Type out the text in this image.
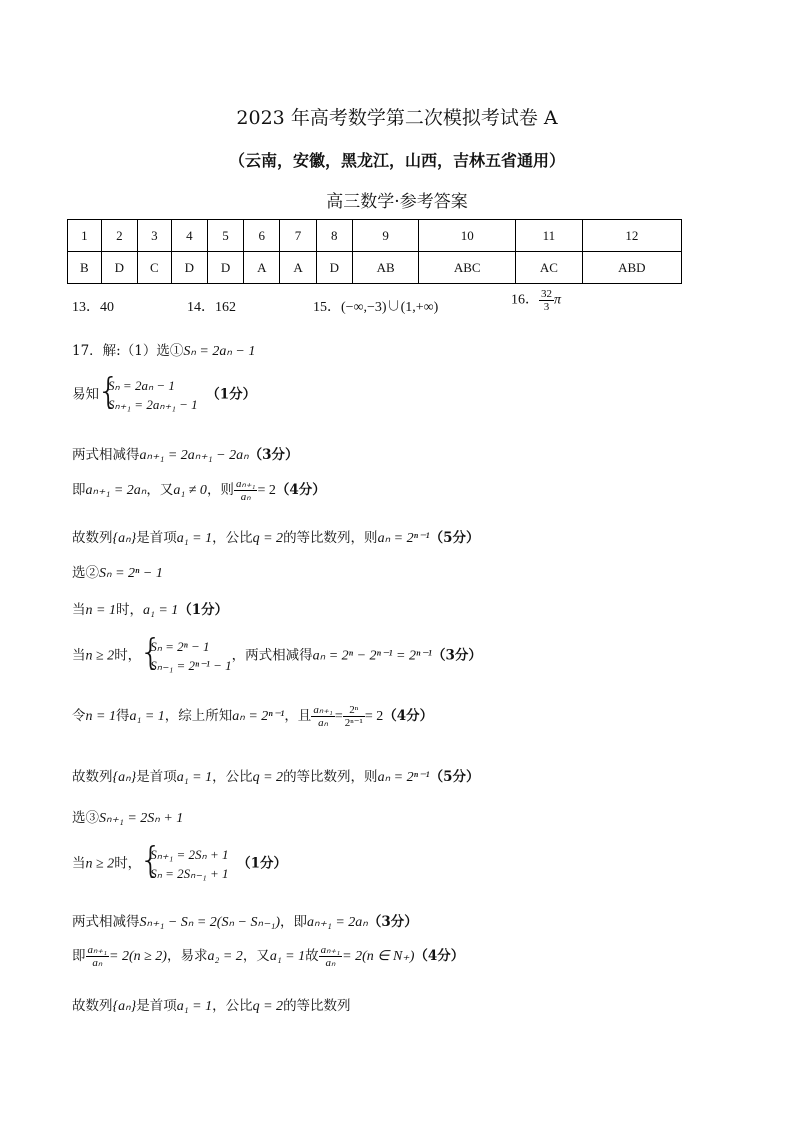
2023 年高考数学第二次模拟考试卷 A
（云南，安徽，黑龙江，山西，吉林五省通用）
高三数学·参考答案
1	2	3	4	5	6	7	8	9	10	11	12
B	D	C	D	D	A	A	D	AB	ABC	AC	ABD
13．40	14．162	15．(−∞,−3)∪(1,+∞)	16． $\frac{32}{3}$ π
17．解:（1）选①Sₙ = 2aₙ − 1
易知
{
Sₙ = 2aₙ − 1
Sₙ₊₁ = 2aₙ₊₁ − 1
（1分）
两式相减得aₙ₊₁ = 2aₙ₊₁ − 2aₙ（3分）
即aₙ₊₁ = 2aₙ，又a₁ ≠ 0，则 $\frac{\text{aₙ₊₁}}{\text{aₙ}} = 2(4$分）
故数列{aₙ}是首项a₁ = 1，公比q = 2的等比数列，则aₙ = 2ⁿ⁻¹（5分）
选②Sₙ = 2ⁿ − 1
当n = 1时，a₁ = 1（1分）
当n ≥ 2时，
{
Sₙ = 2ⁿ − 1
Sₙ₋₁ = 2ⁿ⁻¹ − 1
，两式相减得aₙ = 2ⁿ − 2ⁿ⁻¹ = 2ⁿ⁻¹（3分）
令n = 1得a₁ = 1，综上所知aₙ = 2ⁿ⁻¹，且 $\frac{\text{aₙ₊₁}}{\text{aₙ}} = \frac{\text{2ⁿ}}{\text{2ⁿ⁻¹}} = 2(4$分）
故数列{aₙ}是首项a₁ = 1，公比q = 2的等比数列，则aₙ = 2ⁿ⁻¹（5分）
选③Sₙ₊₁ = 2Sₙ + 1
当n ≥ 2时，
{
Sₙ₊₁ = 2Sₙ + 1
Sₙ = 2Sₙ₋₁ + 1
（1分）
两式相减得Sₙ₊₁ − Sₙ = 2(Sₙ − Sₙ₋₁)，即aₙ₊₁ = 2aₙ（3分）
即 $\frac{\text{aₙ₊₁}}{\text{aₙ}} = 2(n \ge 2)$，易求a₂ = 2，又a₁ = 1故 $\frac{\text{aₙ₊₁}}{\text{aₙ}} = 2(n$ ∈ N₊)（4分）
故数列{aₙ}是首项a₁ = 1，公比q = 2的等比数列
